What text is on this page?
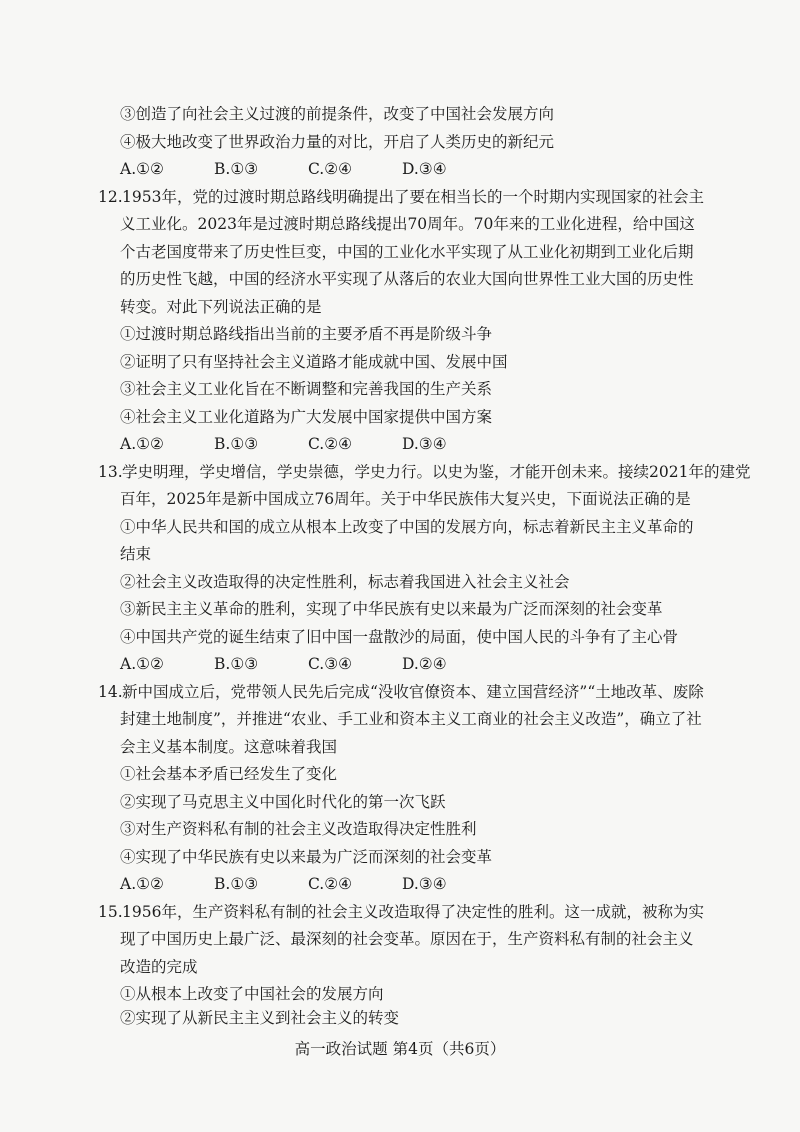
③创造了向社会主义过渡的前提条件，改变了中国社会发展方向
④极大地改变了世界政治力量的对比，开启了人类历史的新纪元
A.①②	B.①③	C.②④	D.③④
12.1953年，党的过渡时期总路线明确提出了要在相当长的一个时期内实现国家的社会主
义工业化。2023年是过渡时期总路线提出70周年。70年来的工业化进程，给中国这
个古老国度带来了历史性巨变，中国的工业化水平实现了从工业化初期到工业化后期
的历史性飞越，中国的经济水平实现了从落后的农业大国向世界性工业大国的历史性
转变。对此下列说法正确的是
①过渡时期总路线指出当前的主要矛盾不再是阶级斗争
②证明了只有坚持社会主义道路才能成就中国、发展中国
③社会主义工业化旨在不断调整和完善我国的生产关系
④社会主义工业化道路为广大发展中国家提供中国方案
A.①②	B.①③	C.②④	D.③④
13.学史明理，学史增信，学史崇德，学史力行。以史为鉴，才能开创未来。接续2021年的建党
百年，2025年是新中国成立76周年。关于中华民族伟大复兴史，下面说法正确的是
①中华人民共和国的成立从根本上改变了中国的发展方向，标志着新民主主义革命的
结束
②社会主义改造取得的决定性胜利，标志着我国进入社会主义社会
③新民主主义革命的胜利，实现了中华民族有史以来最为广泛而深刻的社会变革
④中国共产党的诞生结束了旧中国一盘散沙的局面，使中国人民的斗争有了主心骨
A.①②	B.①③	C.③④	D.②④
14.新中国成立后，党带领人民先后完成“没收官僚资本、建立国营经济”“土地改革、废除
封建土地制度”，并推进“农业、手工业和资本主义工商业的社会主义改造”，确立了社
会主义基本制度。这意味着我国
①社会基本矛盾已经发生了变化
②实现了马克思主义中国化时代化的第一次飞跃
③对生产资料私有制的社会主义改造取得决定性胜利
④实现了中华民族有史以来最为广泛而深刻的社会变革
A.①②	B.①③	C.②④	D.③④
15.1956年，生产资料私有制的社会主义改造取得了决定性的胜利。这一成就，被称为实
现了中国历史上最广泛、最深刻的社会变革。原因在于，生产资料私有制的社会主义
改造的完成
①从根本上改变了中国社会的发展方向
②实现了从新民主主义到社会主义的转变
高一政治试题 第4页（共6页）
